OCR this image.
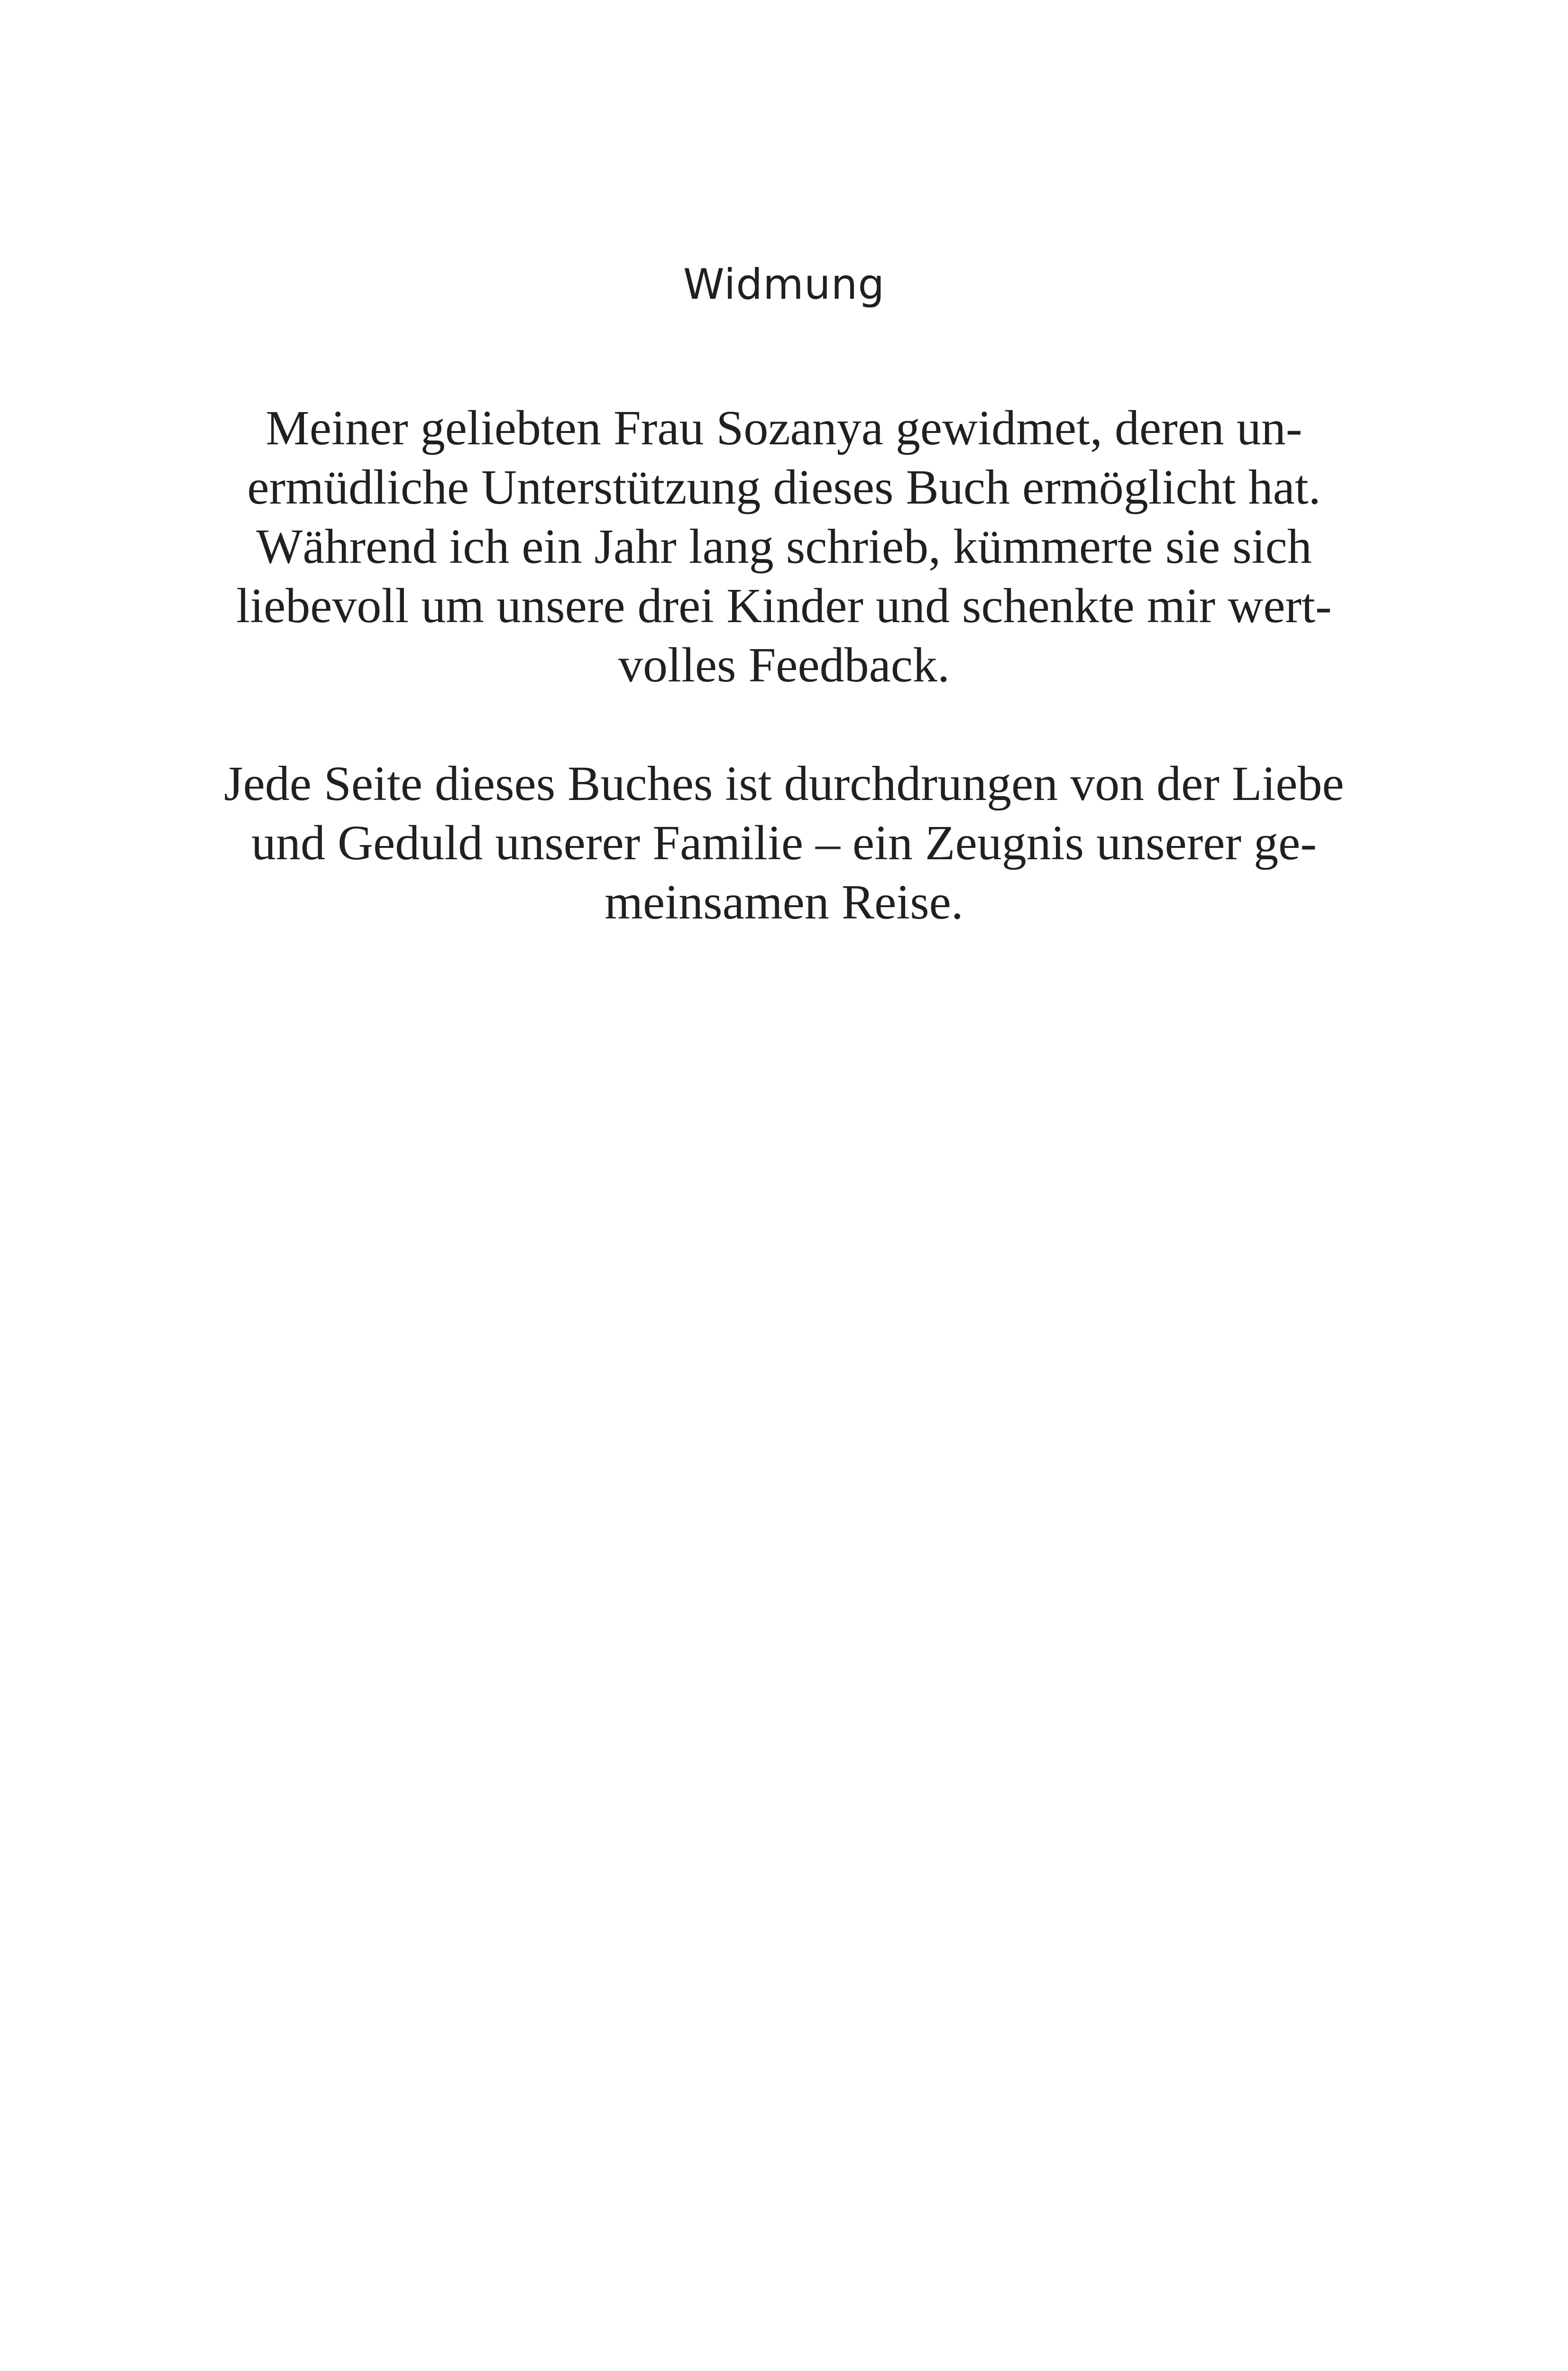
Widmung

Meiner geliebten Frau Sozanya gewidmet, deren un-
ermüdliche Unterstützung dieses Buch ermöglicht hat.
Während ich ein Jahr lang schrieb, kümmerte sie sich
liebevoll um unsere drei Kinder und schenkte mir wert-
volles Feedback.

Jede Seite dieses Buches ist durchdrungen von der Liebe
und Geduld unserer Familie – ein Zeugnis unserer ge-
meinsamen Reise.
